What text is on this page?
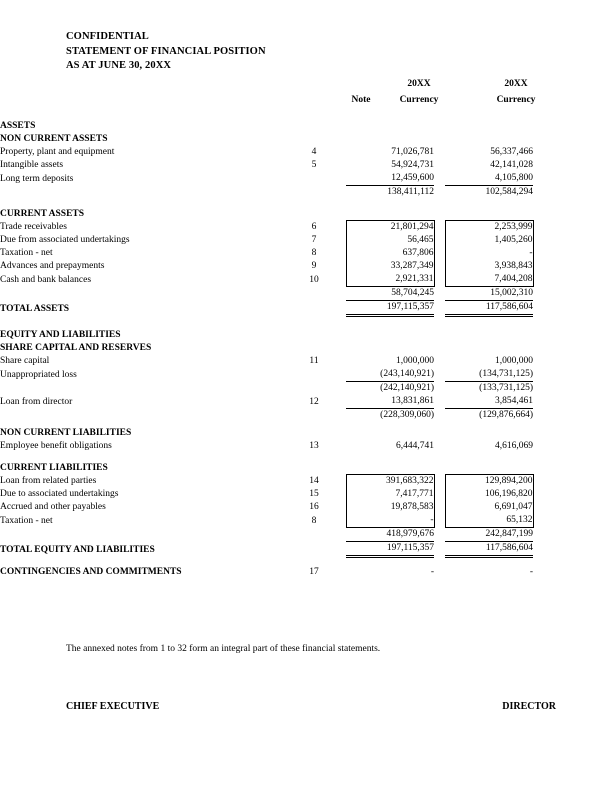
CONFIDENTIAL
STATEMENT OF FINANCIAL POSITION
AS AT JUNE 30, 20XX
20XX	20XX
Note	Currency	Currency
ASSETS							
NON CURRENT ASSETS							
Property, plant and equipment		4		71,026,781		56,337,466	
Intangible assets		5		54,924,731		42,141,028	
Long term deposits				12,459,600		4,105,800	
				138,411,112		102,584,294	

CURRENT ASSETS							
Trade receivables		6		21,801,294		2,253,999	
Due from associated undertakings		7		56,465		1,405,260	
Taxation - net		8		637,806		-	
Advances and prepayments		9		33,287,349		3,938,843	
Cash and bank balances		10		2,921,331		7,404,208	
				58,704,245		15,002,310	
TOTAL ASSETS				197,115,357		117,586,604	

EQUITY AND LIABILITIES							
SHARE CAPITAL AND RESERVES							
Share capital		11		1,000,000		1,000,000	
Unappropriated loss				(243,140,921)		(134,731,125)	
				(242,140,921)		(133,731,125)	
Loan from director		12		13,831,861		3,854,461	
				(228,309,060)		(129,876,664)	

NON CURRENT LIABILITIES							
Employee benefit obligations		13		6,444,741		4,616,069	

CURRENT LIABILITIES							
Loan from related parties		14		391,683,322		129,894,200	
Due to associated undertakings		15		7,417,771		106,196,820	
Accrued and other payables		16		19,878,583		6,691,047	
Taxation - net		8		-		65,132	
				418,979,676		242,847,199	
TOTAL EQUITY AND LIABILITIES				197,115,357		117,586,604	

CONTINGENCIES AND COMMITMENTS		17		-		-	
The annexed notes from 1 to 32 form an integral part of these financial statements.
CHIEF EXECUTIVE	DIRECTOR
